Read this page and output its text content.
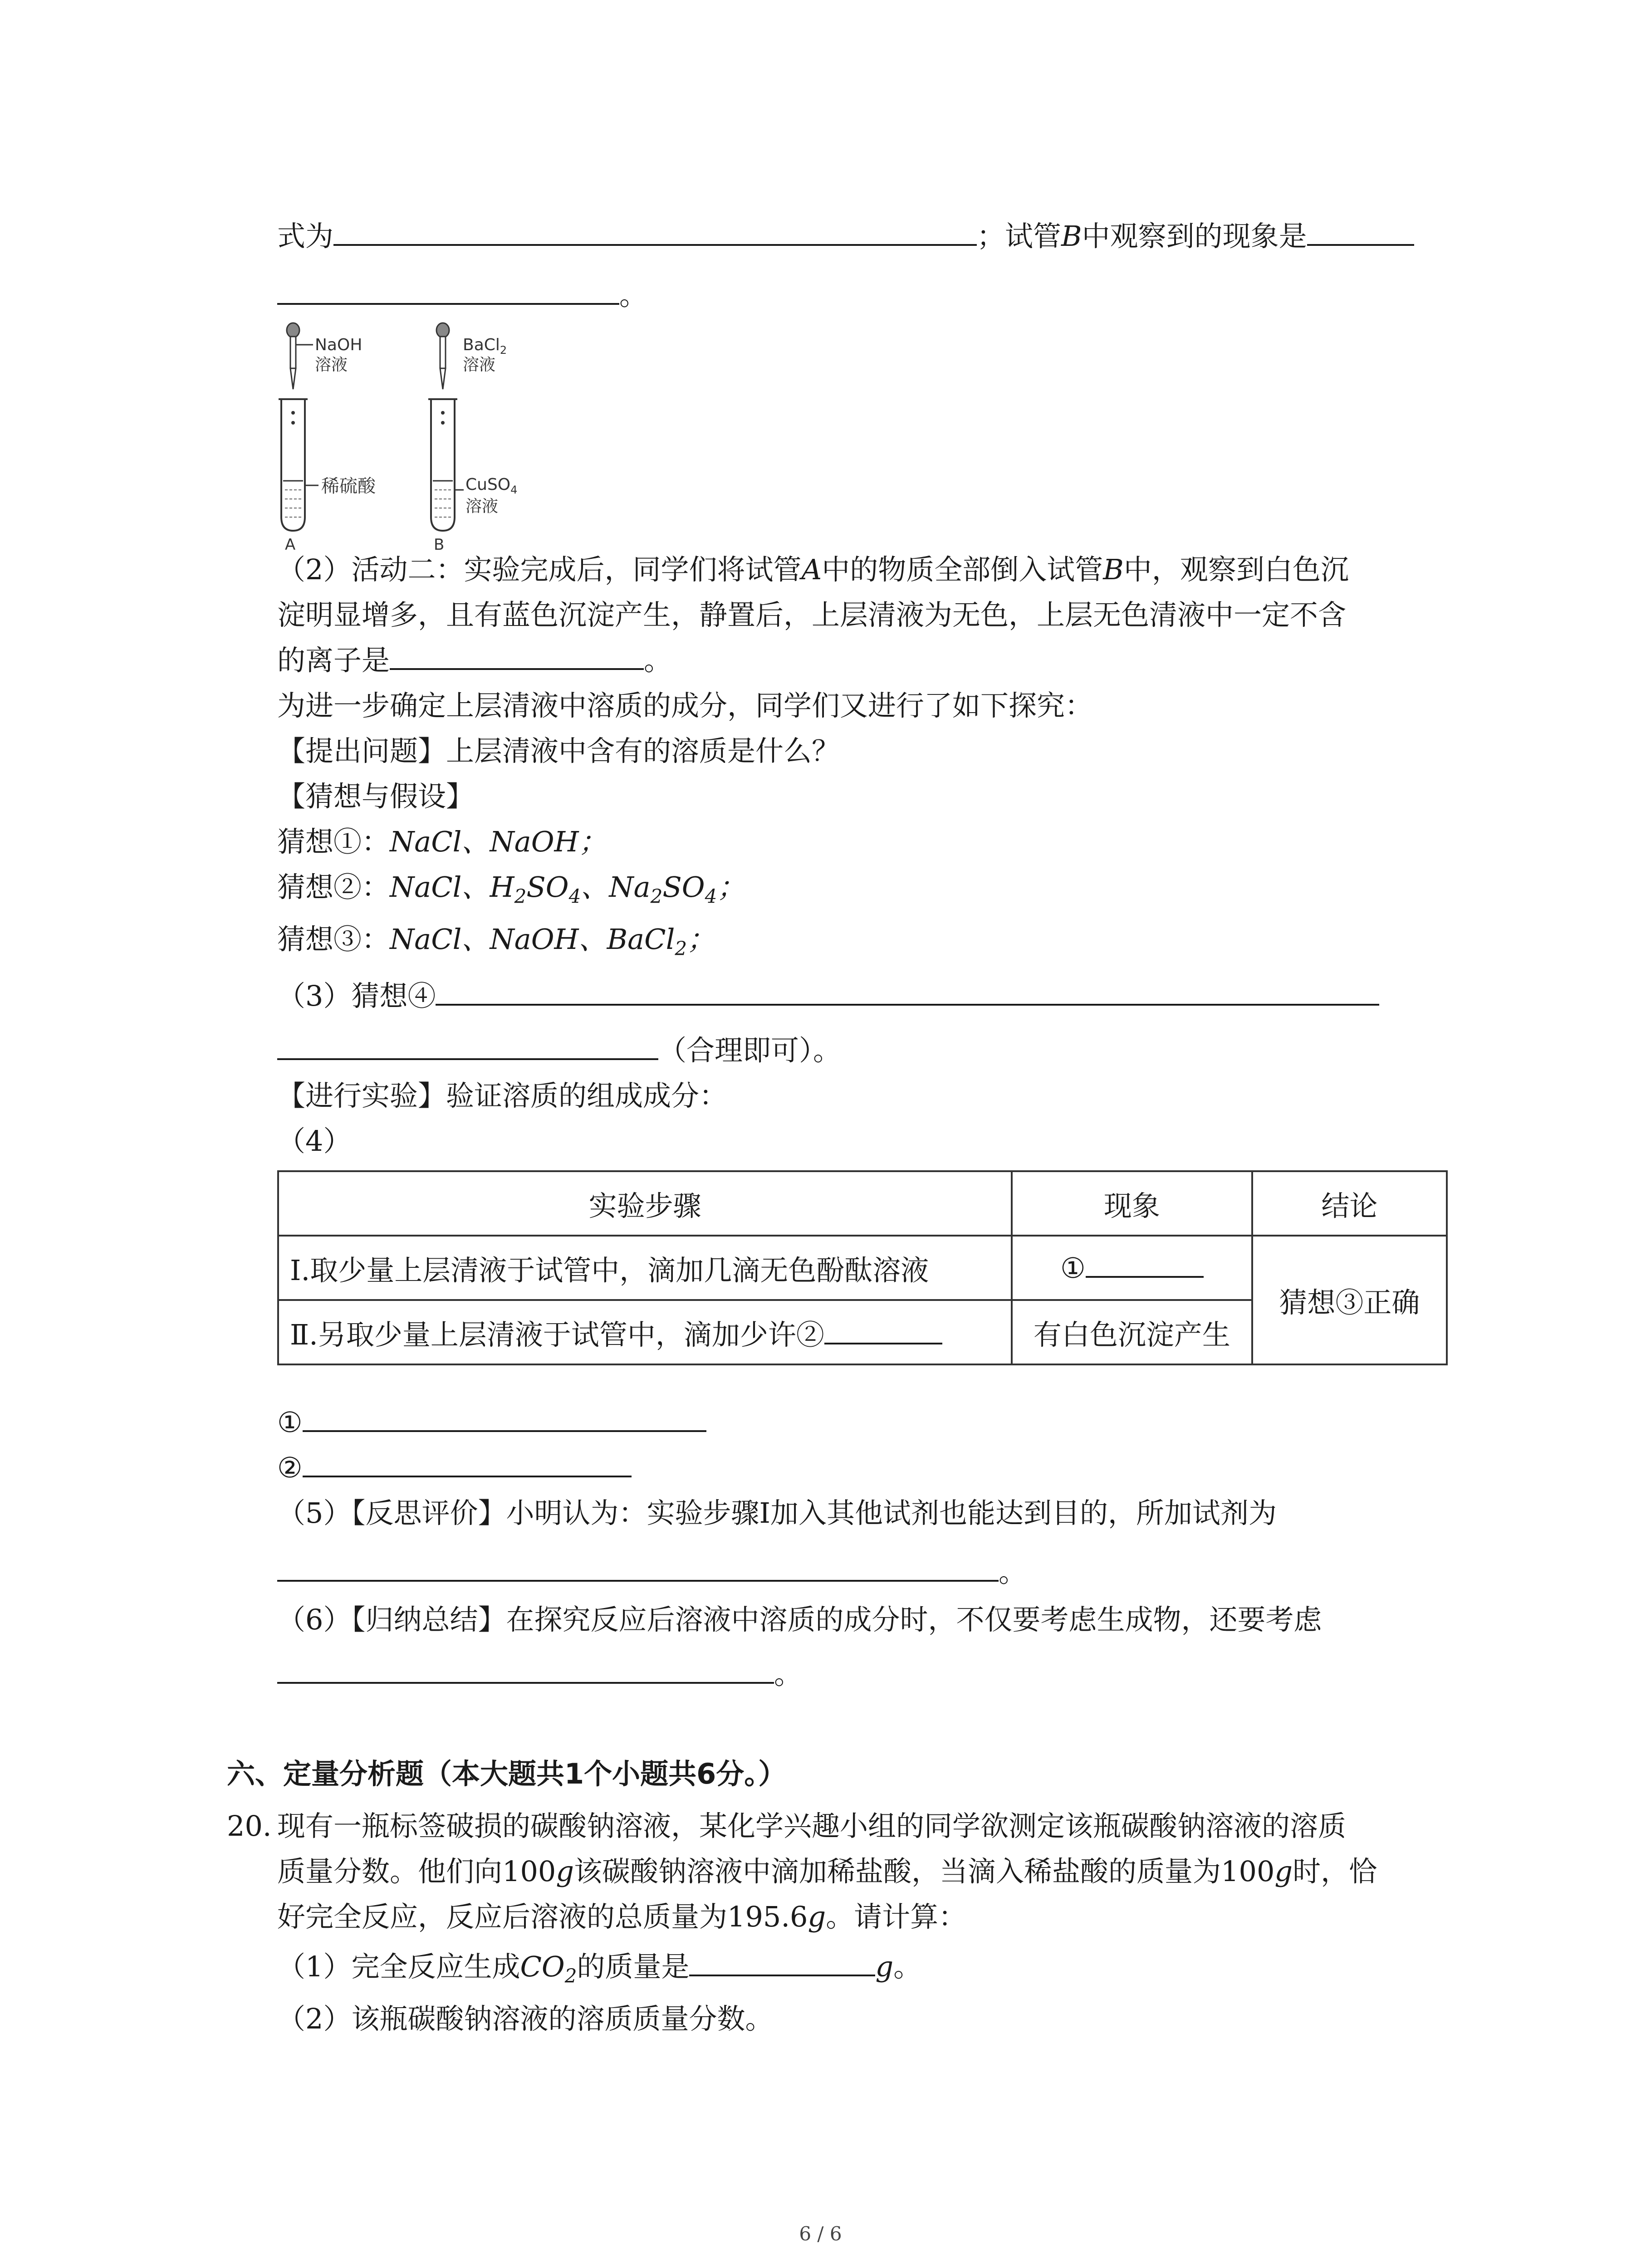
式为	；试管B中观察到的现象是
。
NaOH
溶液
稀硫酸
A
BaCl$_2$
溶液
CuSO$_4$
溶液
B
（2）活动二：实验完成后，同学们将试管A中的物质全部倒入试管B中，观察到白色沉
淀明显增多，且有蓝色沉淀产生，静置后，上层清液为无色，上层无色清液中一定不含
的离子是	。
为进一步确定上层清液中溶质的成分，同学们又进行了如下探究：
【提出问题】上层清液中含有的溶质是什么？
【猜想与假设】
猜想①：NaCl、NaOH；
猜想②：NaCl、$H_2SO_4$、$Na_2SO_4$；
猜想③：NaCl、NaOH、BaCl$_2$；
（3）猜想④
（合理即可）。
【进行实验】验证溶质的组成成分：
（4）
实验步骤	现象	结论
Ⅰ.取少量上层清液于试管中，滴加几滴无色酚酞溶液	①	猜想③正确
Ⅱ.另取少量上层清液于试管中，滴加少许②	有白色沉淀产生	
①
②
（5）【反思评价】小明认为：实验步骤Ⅰ加入其他试剂也能达到目的，所加试剂为
。
（6）【归纳总结】在探究反应后溶液中溶质的成分时，不仅要考虑生成物，还要考虑
。
六、定量分析题（本大题共1个小题共6分。）
20. 现有一瓶标签破损的碳酸钠溶液，某化学兴趣小组的同学欲测定该瓶碳酸钠溶液的溶质
质量分数。他们向100g该碳酸钠溶液中滴加稀盐酸，当滴入稀盐酸的质量为100g时，恰
好完全反应，反应后溶液的总质量为195.6g。请计算：
（1）完全反应生成$CO_2$的质量是	g。
（2）该瓶碳酸钠溶液的溶质质量分数。
6 / 6
